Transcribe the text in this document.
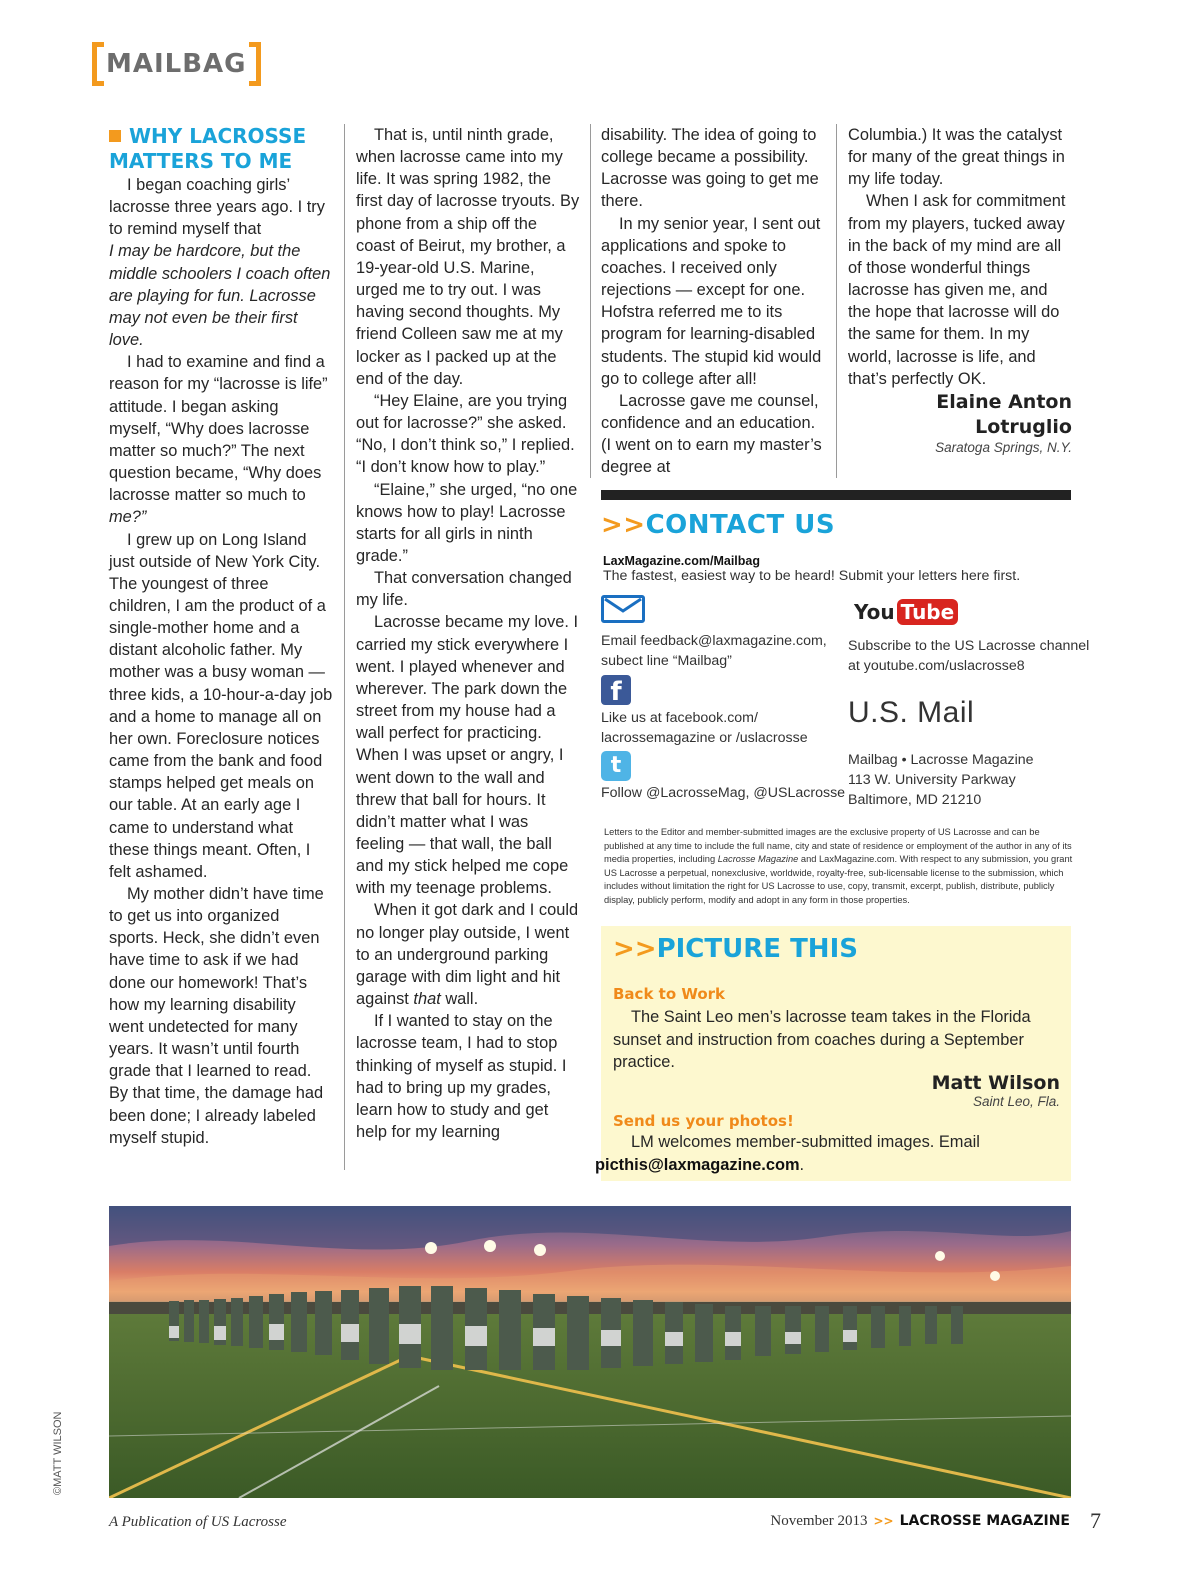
MAILBAG
WHY LACROSSE
MATTERS TO ME

I began coaching girls’ lacrosse three years ago. I try to remind myself that

I may be hardcore, but the middle schoolers I coach often are playing for fun. Lacrosse may not even be their first love.

I had to examine and find a reason for my “lacrosse is life” attitude. I began asking myself, “Why does lacrosse matter so much?” The next question became, “Why does lacrosse matter so much to me?”

I grew up on Long Island just outside of New York City. The youngest of three children, I am the product of a single-mother home and a distant alcoholic father. My mother was a busy woman — three kids, a 10-hour-a-day job and a home to manage all on her own. Foreclosure notices came from the bank and food stamps helped get meals on our table. At an early age I came to understand what these things meant. Often, I felt ashamed.

My mother didn’t have time to get us into organized sports. Heck, she didn’t even have time to ask if we had done our homework! That’s how my learning disability went undetected for many years. It wasn’t until fourth grade that I learned to read. By that time, the damage had been done; I already labeled myself stupid.

That is, until ninth grade, when lacrosse came into my life. It was spring 1982, the first day of lacrosse tryouts. By phone from a ship off the coast of Beirut, my brother, a 19-year-old U.S. Marine, urged me to try out. I was having second thoughts. My friend Colleen saw me at my locker as I packed up at the end of the day.

“Hey Elaine, are you trying out for lacrosse?” she asked. “No, I don’t think so,” I replied. “I don’t know how to play.”

“Elaine,” she urged, “no one knows how to play! Lacrosse starts for all girls in ninth grade.”

That conversation changed my life.

Lacrosse became my love. I carried my stick everywhere I went. I played whenever and wherever. The park down the street from my house had a wall perfect for practicing. When I was upset or angry, I went down to the wall and threw that ball for hours. It didn’t matter what I was feeling — that wall, the ball and my stick helped me cope with my teenage problems.

When it got dark and I could no longer play outside, I went to an underground parking garage with dim light and hit against that wall.

If I wanted to stay on the lacrosse team, I had to stop thinking of myself as stupid. I had to bring up my grades, learn how to study and get help for my learning

disability. The idea of going to college became a possibility. Lacrosse was going to get me there.

In my senior year, I sent out applications and spoke to coaches. I received only rejections — except for one. Hofstra referred me to its program for learning-disabled students. The stupid kid would go to college after all!

Lacrosse gave me counsel, confidence and an education. (I went on to earn my master’s degree at

Columbia.) It was the catalyst for many of the great things in my life today.

When I ask for commitment from my players, tucked away in the back of my mind are all of those wonderful things lacrosse has given me, and the hope that lacrosse will do the same for them. In my world, lacrosse is life, and that’s perfectly OK.

Elaine Anton
Lotruglio
Saratoga Springs, N.Y.
>>CONTACT US
LaxMagazine.com/Mailbag
The fastest, easiest way to be heard! Submit your letters here first.
Email feedback@laxmagazine.com,
subect line “Mailbag”
You Tube
Subscribe to the US Lacrosse channel
at youtube.com/uslacrosse8
f
Like us at facebook.com/
lacrossemagazine or /uslacrosse
U.S. Mail
Mailbag • Lacrosse Magazine
113 W. University Parkway
Baltimore, MD 21210
t
Follow @LacrosseMag, @USLacrosse
Letters to the Editor and member-submitted images are the exclusive property of US Lacrosse and can be published at any time to include the full name, city and state of residence or employment of the author in any of its media properties, including Lacrosse Magazine and LaxMagazine.com. With respect to any submission, you grant US Lacrosse a perpetual, nonexclusive, worldwide, royalty-free, sub-licensable license to the submission, which includes without limitation the right for US Lacrosse to use, copy, transmit, excerpt, publish, distribute, publicly display, publicly perform, modify and adopt in any form in those properties.
>>PICTURE THIS
Back to Work
The Saint Leo men’s lacrosse team takes in the Florida sunset and instruction from coaches during a September practice.
Matt Wilson
Saint Leo, Fla.
Send us your photos!
LM welcomes member-submitted images. Email
picthis@laxmagazine.com.
©MATT WILSON
A Publication of US Lacrosse	November 2013 >> LACROSSE MAGAZINE 7
